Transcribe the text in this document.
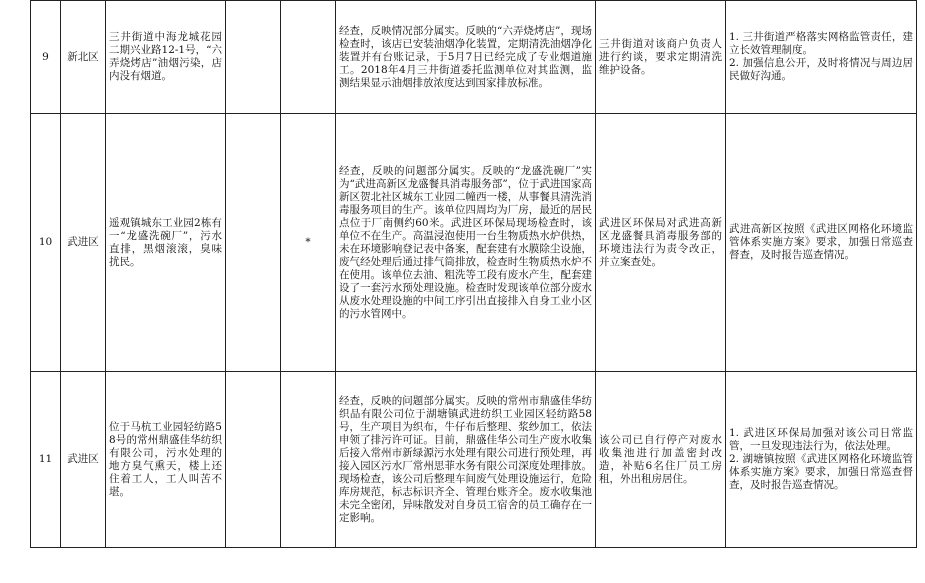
9	新北区	三井街道中海龙城花园二期兴业路12-1号，“六弄烧烤店”油烟污染，店内没有烟道。			经查，反映情况部分属实。反映的“六弄烧烤店”，现场检查时，该店已安装油烟净化装置，定期清洗油烟净化装置并有台账记录，于5月7日已经完成了专业烟道施工。2018年4月三井街道委托监测单位对其监测，监测结果显示油烟排放浓度达到国家排放标准。	三井街道对该商户负责人进行约谈，要求定期清洗维护设备。	1. 三井街道严格落实网格监管责任，建立长效管理制度。
2. 加强信息公开，及时将情况与周边居民做好沟通。

10	武进区	遥观镇城东工业园2栋有一“龙盛洗碗厂”，污水直排，黑烟滚滚，臭味扰民。		*	经查，反映的问题部分属实。反映的“龙盛洗碗厂”实为“武进高新区龙盛餐具消毒服务部”，位于武进国家高新区贺北社区城东工业园二幢西一楼，从事餐具清洗消毒服务项目的生产。该单位四周均为厂房，最近的居民点位于厂南侧约60米。武进区环保局现场检查时，该单位不在生产。高温浸泡使用一台生物质热水炉供热，未在环境影响登记表中备案，配套建有水膜除尘设施，废气经处理后通过排气筒排放，检查时生物质热水炉不在使用。该单位去油、粗洗等工段有废水产生，配套建设了一套污水预处理设施。检查时发现该单位部分废水从废水处理设施的中间工序引出直接排入自身工业小区的污水管网中。	武进区环保局对武进高新区龙盛餐具消毒服务部的环境违法行为责令改正，并立案查处。	武进高新区按照《武进区网格化环境监管体系实施方案》要求，加强日常巡查督查，及时报告巡查情况。

11	武进区	位于马杭工业园轻纺路58号的常州鼎盛佳华纺织有限公司，污水处理的地方臭气熏天，楼上还住着工人，工人叫苦不堪。			经查，反映的问题部分属实。反映的常州市鼎盛佳华纺织品有限公司位于湖塘镇武进纺织工业园区轻纺路58号，生产项目为织布，牛仔布后整理、浆纱加工，依法申领了排污许可证。目前，鼎盛佳华公司生产废水收集后接入常州市新绿源污水处理有限公司进行预处理，再接入园区污水厂常州思菲水务有限公司深度处理排放。现场检查，该公司后整理车间废气处理设施运行，危险库房规范，标志标识齐全、管理台账齐全。废水收集池未完全密闭，异味散发对自身员工宿舍的员工确存在一定影响。	该公司已自行停产对废水收集池进行加盖密封改造，补贴6名住厂员工房租，外出租房居住。	1. 武进区环保局加强对该公司日常监管，一旦发现违法行为，依法处理。
2. 湖塘镇按照《武进区网格化环境监管体系实施方案》要求，加强日常巡查督查，及时报告巡查情况。
